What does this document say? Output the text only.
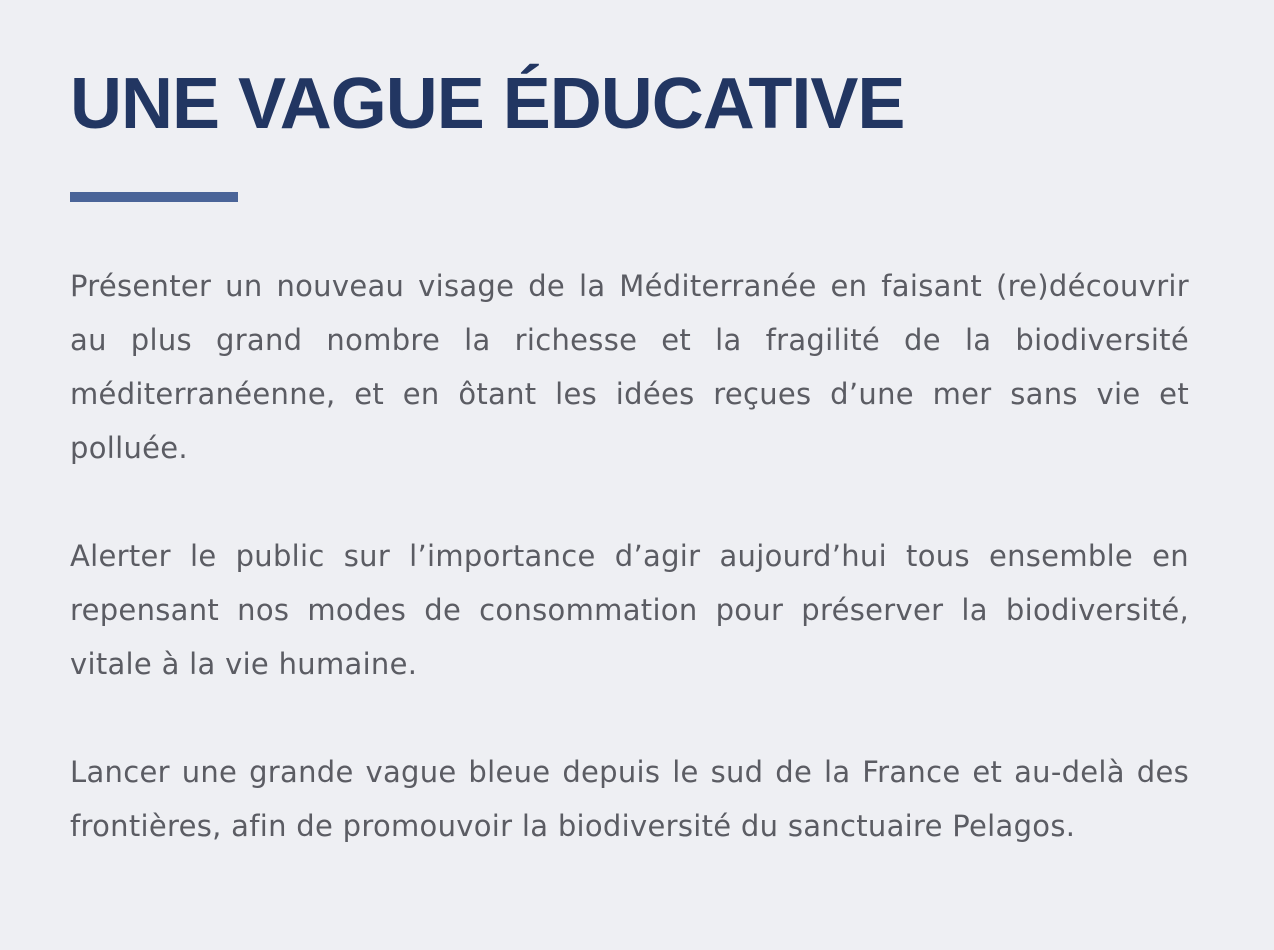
UNE VAGUE ÉDUCATIVE

Présenter un nouveau visage de la Méditerranée en faisant (re)découvrir au plus grand nombre la richesse et la fragilité de la biodiversité méditerranéenne, et en ôtant les idées reçues d’une mer sans vie et polluée.

Alerter le public sur l’importance d’agir aujourd’hui tous ensemble en repensant nos modes de consommation pour préserver la biodiversité, vitale à la vie humaine.

Lancer une grande vague bleue depuis le sud de la France et au-delà des frontières, afin de promouvoir la biodiversité du sanctuaire Pelagos.
